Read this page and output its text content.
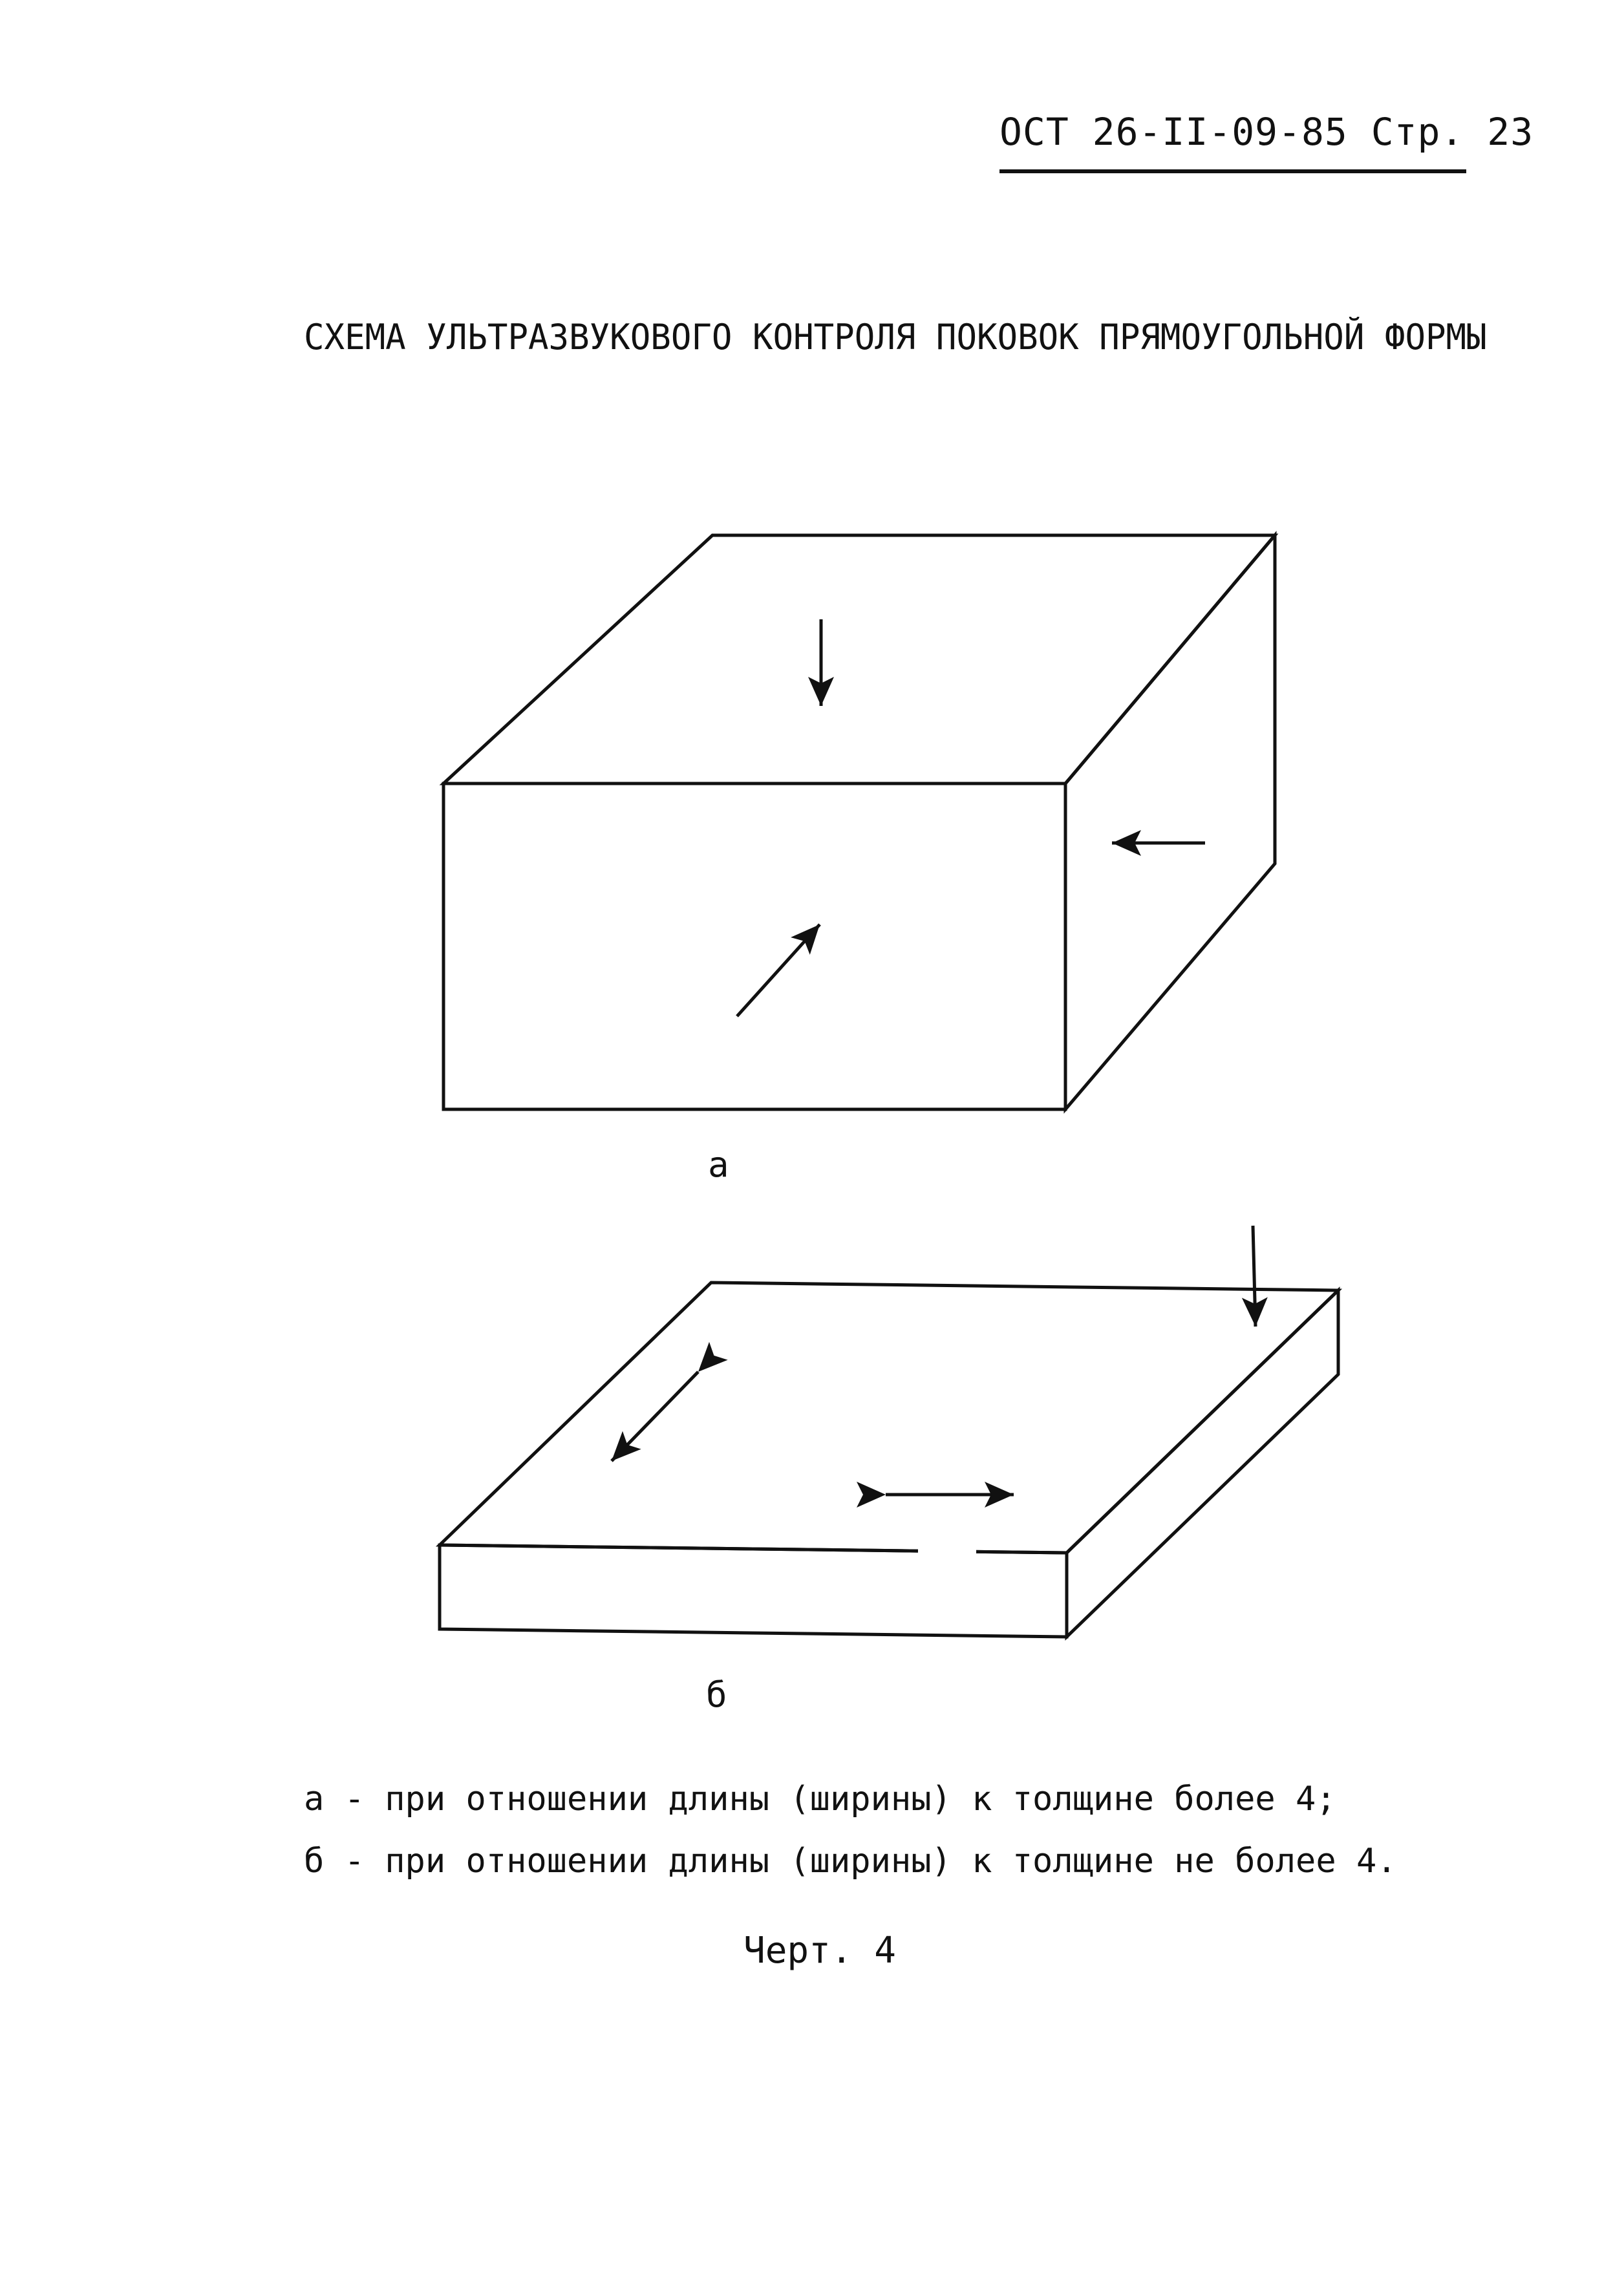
ОСТ 26-II-09-85 Стр. 23
СХЕМА УЛЬТРАЗВУКОВОГО КОНТРОЛЯ ПОКОВОК ПРЯМОУГОЛЬНОЙ ФОРМЫ
а
б
а - при отношении длины (ширины) к толщине более 4;
б - при отношении длины (ширины) к толщине не более 4.
Черт. 4
